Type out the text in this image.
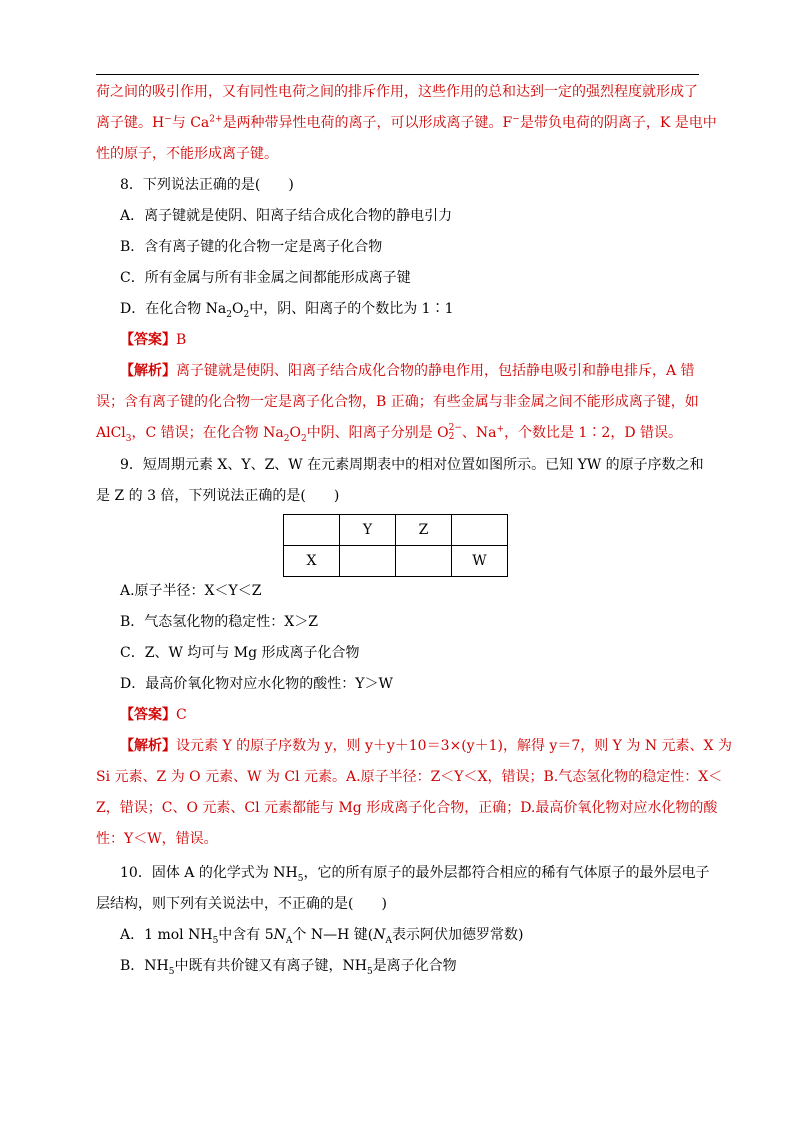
荷之间的吸引作用，又有同性电荷之间的排斥作用，这些作用的总和达到一定的强烈程度就形成了
离子键。H−与 $Ca^{2+}$是两种带异性电荷的离子，可以形成离子键。F−是带负电荷的阴离子，K 是电中
性的原子，不能形成离子键。
8．下列说法正确的是(　　)
A．离子键就是使阴、阳离子结合成化合物的静电引力
B．含有离子键的化合物一定是离子化合物
C．所有金属与所有非金属之间都能形成离子键
D．在化合物 $Na_2O_2$中，阴、阳离子的个数比为 1∶1
【答案】B
【解析】离子键就是使阴、阳离子结合成化合物的静电作用，包括静电吸引和静电排斥，A 错
误；含有离子键的化合物一定是离子化合物，B 正确；有些金属与非金属之间不能形成离子键，如
AlCl$_3$，C 错误；在化合物 $Na_2O_2$中阴、阳离子分别是 O 2−
2 、Na+，个数比是 1∶2，D 错误。
9．短周期元素 X、Y、Z、W 在元素周期表中的相对位置如图所示。已知 YW 的原子序数之和
是 Z 的 3 倍，下列说法正确的是(　　)
	Y	Z	
X			W
A.原子半径：X＜Y＜Z
B．气态氢化物的稳定性：X＞Z
C．Z、W 均可与 Mg 形成离子化合物
D．最高价氧化物对应水化物的酸性：Y＞W
【答案】C
【解析】设元素 Y 的原子序数为 y，则 y＋y＋10＝3×(y＋1)，解得 y＝7，则 Y 为 N 元素、X 为
Si 元素、Z 为 O 元素、W 为 Cl 元素。A.原子半径：Z＜Y＜X，错误；B.气态氢化物的稳定性：X＜
Z，错误；C、O 元素、Cl 元素都能与 Mg 形成离子化合物，正确；D.最高价氧化物对应水化物的酸
性：Y＜W，错误。
10．固体 A 的化学式为 $NH_5$，它的所有原子的最外层都符合相应的稀有气体原子的最外层电子
层结构，则下列有关说法中，不正确的是(　　)
A．1 mol $NH_5$中含有 $5N_A$个 N—H 键($N_A$表示阿伏加德罗常数)
B．$NH_5$中既有共价键又有离子键，$NH_5$是离子化合物
